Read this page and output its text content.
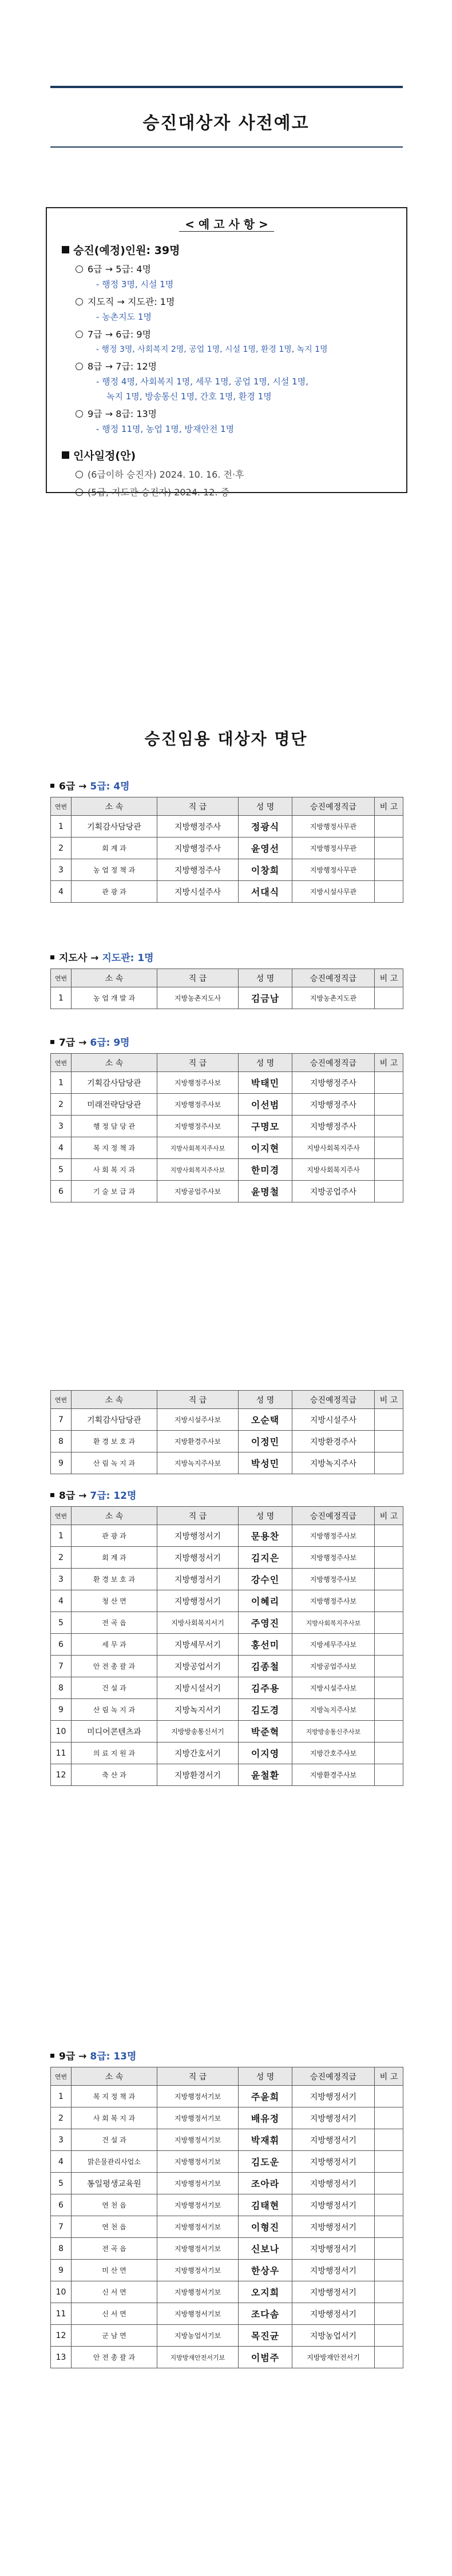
승진대상자 사전예고
< 예 고 사 항 >
승진(예정)인원: 39명
6급 → 5급: 4명
- 행정 3명, 시설 1명
지도직 → 지도관: 1명
- 농촌지도 1명
7급 → 6급: 9명
- 행정 3명, 사회복지 2명, 공업 1명, 시설 1명, 환경 1명, 녹지 1명
8급 → 7급: 12명
- 행정 4명, 사회복지 1명, 세무 1명, 공업 1명, 시설 1명,
녹지 1명, 방송통신 1명, 간호 1명, 환경 1명
9급 → 8급: 13명
- 행정 11명, 농업 1명, 방재안전 1명
인사일정(안)
(6급이하 승진자) 2024. 10. 16. 전·후
(5급, 지도관 승진자) 2024. 12. 중
승진임용 대상자 명단
6급 → 5급: 4명
지도사 → 지도관: 1명
7급 → 6급: 9명
8급 → 7급: 12명
9급 → 8급: 13명
연번	소 속	직 급	성 명	승진예정직급	비 고
1	기획감사담당관	지방행정주사	정광식	지방행정사무관	
2	회 계 과	지방행정주사	윤영선	지방행정사무관	
3	농 업 정 책 과	지방행정주사	이창희	지방행정사무관	
4	관 광 과	지방시설주사	서대식	지방시설사무관	
연번	소 속	직 급	성 명	승진예정직급	비 고
1	농 업 개 발 과	지방농촌지도사	김금남	지방농촌지도관	
연번	소 속	직 급	성 명	승진예정직급	비 고
1	기획감사담당관	지방행정주사보	박태민	지방행정주사	
2	미래전략담당관	지방행정주사보	이선범	지방행정주사	
3	행 정 담 당 관	지방행정주사보	구명모	지방행정주사	
4	복 지 정 책 과	지방사회복지주사보	이지현	지방사회복지주사	
5	사 회 복 지 과	지방사회복지주사보	한미경	지방사회복지주사	
6	기 술 보 급 과	지방공업주사보	윤명철	지방공업주사	
연번	소 속	직 급	성 명	승진예정직급	비 고
7	기획감사담당관	지방시설주사보	오순택	지방시설주사	
8	환 경 보 호 과	지방환경주사보	이정민	지방환경주사	
9	산 림 녹 지 과	지방녹지주사보	박성민	지방녹지주사	
연번	소 속	직 급	성 명	승진예정직급	비 고
1	관 광 과	지방행정서기	문용찬	지방행정주사보	
2	회 계 과	지방행정서기	김지은	지방행정주사보	
3	환 경 보 호 과	지방행정서기	강수인	지방행정주사보	
4	청 산 면	지방행정서기	이혜리	지방행정주사보	
5	전 곡 읍	지방사회복지서기	주영진	지방사회복지주사보	
6	세 무 과	지방세무서기	홍선미	지방세무주사보	
7	안 전 총 괄 과	지방공업서기	김종철	지방공업주사보	
8	건 설 과	지방시설서기	김주용	지방시설주사보	
9	산 림 녹 지 과	지방녹지서기	김도경	지방녹지주사보	
10	미디어콘텐츠과	지방방송통신서기	박준혁	지방방송통신주사보	
11	의 료 지 원 과	지방간호서기	이지영	지방간호주사보	
12	축 산 과	지방환경서기	윤철환	지방환경주사보	
연번	소 속	직 급	성 명	승진예정직급	비 고
1	복 지 정 책 과	지방행정서기보	주윤희	지방행정서기	
2	사 회 복 지 과	지방행정서기보	배유정	지방행정서기	
3	건 설 과	지방행정서기보	박재휘	지방행정서기	
4	맑은물관리사업소	지방행정서기보	김도운	지방행정서기	
5	통일평생교육원	지방행정서기보	조아라	지방행정서기	
6	연 천 읍	지방행정서기보	김태현	지방행정서기	
7	연 천 읍	지방행정서기보	이형진	지방행정서기	
8	전 곡 읍	지방행정서기보	신보나	지방행정서기	
9	미 산 면	지방행정서기보	한상우	지방행정서기	
10	신 서 면	지방행정서기보	오지희	지방행정서기	
11	신 서 면	지방행정서기보	조다솜	지방행정서기	
12	군 남 면	지방농업서기보	목진균	지방농업서기	
13	안 전 총 괄 과	지방방재안전서기보	이범주	지방방재안전서기	
